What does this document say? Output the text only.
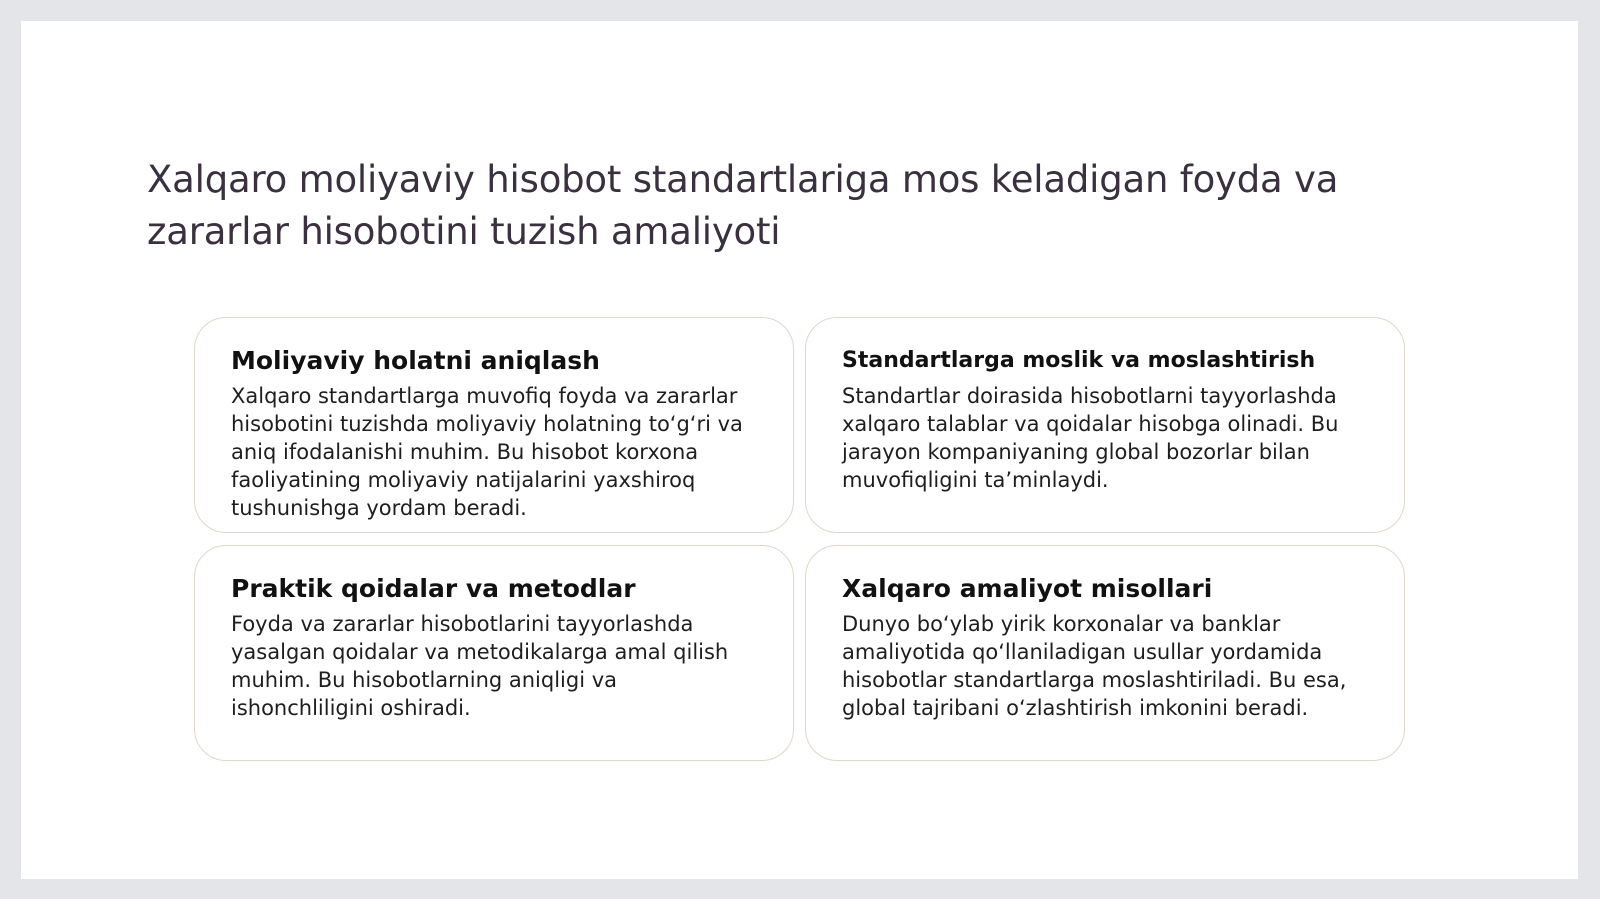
Xalqaro moliyaviy hisobot standartlariga mos keladigan foyda va zararlar hisobotini tuzish amaliyoti
Moliyaviy holatni aniqlash

Xalqaro standartlarga muvofiq foyda va zararlar hisobotini tuzishda moliyaviy holatning to‘g‘ri va aniq ifodalanishi muhim. Bu hisobot korxona faoliyatining moliyaviy natijalarini yaxshiroq tushunishga yordam beradi.

Standartlarga moslik va moslashtirish

Standartlar doirasida hisobotlarni tayyorlashda xalqaro talablar va qoidalar hisobga olinadi. Bu jarayon kompaniyaning global bozorlar bilan muvofiqligini ta’minlaydi.

Praktik qoidalar va metodlar

Foyda va zararlar hisobotlarini tayyorlashda yasalgan qoidalar va metodikalarga amal qilish muhim. Bu hisobotlarning aniqligi va ishonchliligini oshiradi.

Xalqaro amaliyot misollari

Dunyo bo‘ylab yirik korxonalar va banklar amaliyotida qo‘llaniladigan usullar yordamida hisobotlar standartlarga moslashtiriladi. Bu esa, global tajribani o‘zlashtirish imkonini beradi.
